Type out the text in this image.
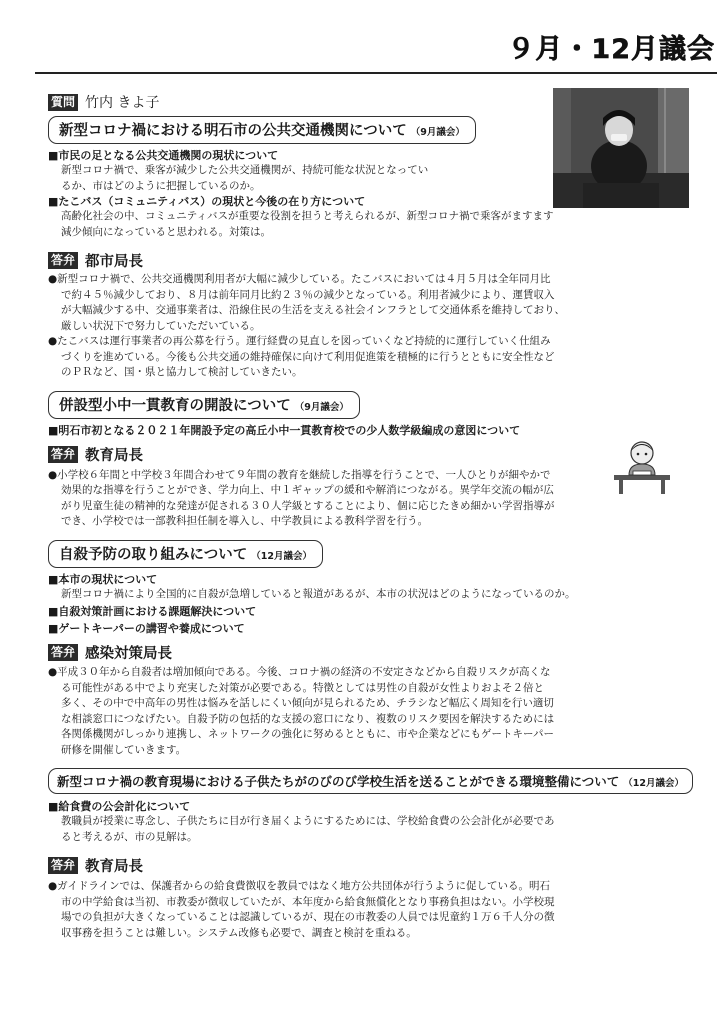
９月・12月議会
質問 竹内 きよ子
新型コロナ禍における明石市の公共交通機関について （9月議会）
■市民の足となる公共交通機関の現状について
新型コロナ禍で、乗客が減少した公共交通機関が、持続可能な状況となってい
るか、市はどのように把握しているのか。
■たこバス（コミュニティバス）の現状と今後の在り方について
高齢化社会の中、コミュニティバスが重要な役割を担うと考えられるが、新型コロナ禍で乗客がますます
減少傾向になっていると思われる。対策は。
答弁 都市局長
●新型コロナ禍で、公共交通機関利用者が大幅に減少している。たこバスにおいては４月５月は全年同月比
で約４５％減少しており、８月は前年同月比約２３％の減少となっている。利用者減少により、運賃収入
が大幅減少する中、交通事業者は、沿線住民の生活を支える社会インフラとして交通体系を維持しており、
厳しい状況下で努力していただいている。
●たこバスは運行事業者の再公募を行う。運行経費の見直しを図っていくなど持続的に運行していく仕組み
づくりを進めている。今後も公共交通の維持確保に向けて利用促進策を積極的に行うとともに安全性など
のＰＲなど、国・県と協力して検討していきたい。
併設型小中一貫教育の開設について （9月議会）
■明石市初となる２０２１年開設予定の高丘小中一貫教育校での少人数学級編成の意図について
答弁 教育局長
●小学校６年間と中学校３年間合わせて９年間の教育を継続した指導を行うことで、一人ひとりが細やかで
効果的な指導を行うことができ、学力向上、中１ギャップの緩和や解消につながる。異学年交流の幅が広
がり児童生徒の精神的な発達が促される３０人学級とすることにより、個に応じたきめ細かい学習指導が
でき、小学校では一部教科担任制を導入し、中学教員による教科学習を行う。
自殺予防の取り組みについて （12月議会）
■本市の現状について
新型コロナ禍により全国的に自殺が急増していると報道があるが、本市の状況はどのようになっているのか。
■自殺対策計画における課題解決について
■ゲートキーパーの講習や養成について
答弁 感染対策局長
●平成３０年から自殺者は増加傾向である。今後、コロナ禍の経済の不安定さなどから自殺リスクが高くな
る可能性がある中でより充実した対策が必要である。特徴としては男性の自殺が女性よりおよそ２倍と
多く、その中で中高年の男性は悩みを話しにくい傾向が見られるため、チラシなど幅広く周知を行い適切
な相談窓口につなげたい。自殺予防の包括的な支援の窓口になり、複数のリスク要因を解決するためには
各関係機関がしっかり連携し、ネットワークの強化に努めるとともに、市や企業などにもゲートキーパー
研修を開催していきます。
新型コロナ禍の教育現場における子供たちがのびのび学校生活を送ることができる環境整備について （12月議会）
■給食費の公会計化について
教職員が授業に専念し、子供たちに目が行き届くようにするためには、学校給食費の公会計化が必要であ
ると考えるが、市の見解は。
答弁 教育局長
●ガイドラインでは、保護者からの給食費徴収を教員ではなく地方公共団体が行うように促している。明石
市の中学給食は当初、市教委が徴収していたが、本年度から給食無償化となり事務負担はない。小学校現
場での負担が大きくなっていることは認識しているが、現在の市教委の人員では児童約１万６千人分の徴
収事務を担うことは難しい。システム改修も必要で、調査と検討を重ねる。
